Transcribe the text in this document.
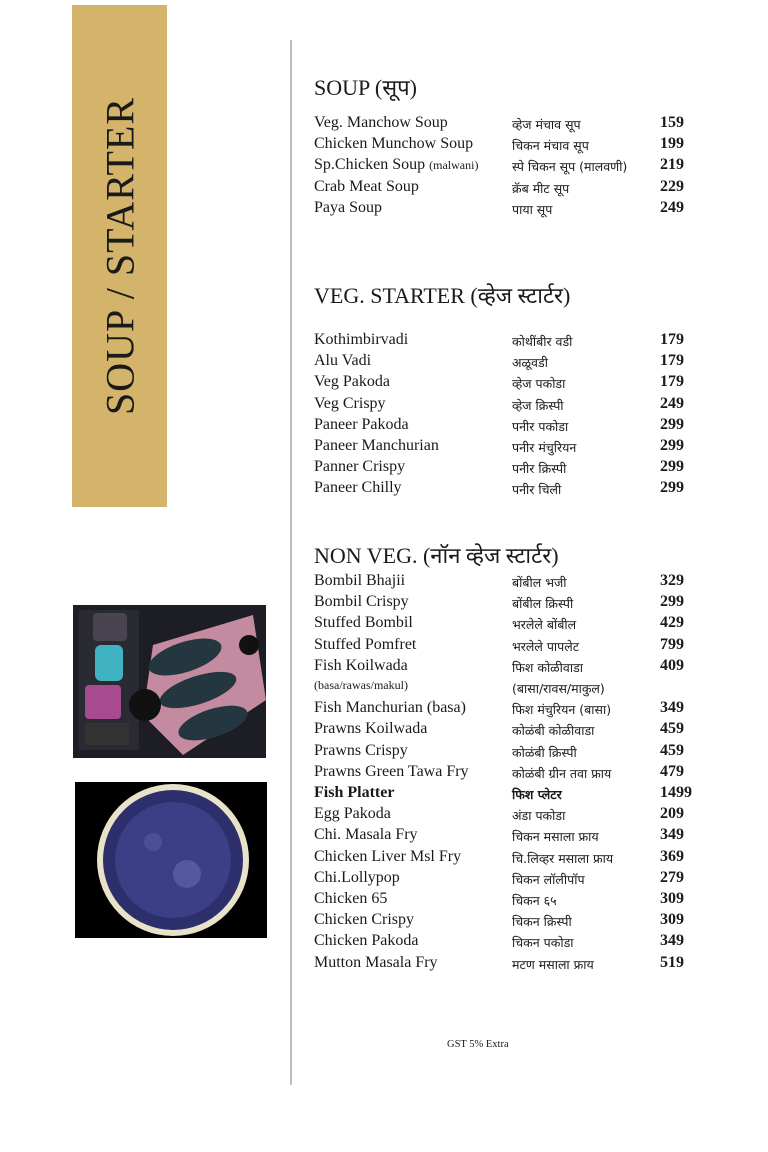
SOUP / STARTER
SOUP (सूप)
Veg. Manchow Soup	व्हेज मंचाव सूप	159
Chicken Munchow Soup	चिकन मंचाव सूप	199
Sp.Chicken Soup (malwani)	स्पे चिकन सूप (मालवणी) 219
Crab Meat Soup	क्रॅब मीट सूप	229
Paya Soup	पाया सूप	249
VEG. STARTER (व्हेज स्टार्टर)
Kothimbirvadi	कोथींबीर वडी	179
Alu Vadi	अळूवडी	179
Veg Pakoda	व्हेज पकोडा	179
Veg Crispy	व्हेज क्रिस्पी	249
Paneer Pakoda	पनीर पकोडा	299
Paneer Manchurian	पनीर मंचुरियन	299
Panner Crispy	पनीर क्रिस्पी	299
Paneer Chilly	पनीर चिली	299
NON VEG. (नॉन व्हेज स्टार्टर)
Bombil Bhajii	बोंबील भजी	329
Bombil Crispy	बोंबील क्रिस्पी	299
Stuffed Bombil	भरलेले बोंबील	429
Stuffed Pomfret	भरलेले पापलेट	799
Fish Koilwada	फिश कोळीवाडा	409
(basa/rawas/makul)	(बासा/रावस/माकुल)
Fish Manchurian (basa)	फिश मंचुरियन (बासा)	349
Prawns Koilwada	कोळंबी कोळीवाडा	459
Prawns Crispy	कोळंबी क्रिस्पी	459
Prawns Green Tawa Fry	कोळंबी ग्रीन तवा फ्राय	479
Fish Platter	फिश प्लेटर	1499
Egg Pakoda	अंडा पकोडा	209
Chi. Masala Fry	चिकन मसाला फ्राय	349
Chicken Liver Msl Fry	चि.लिव्हर मसाला फ्राय	369
Chi.Lollypop	चिकन लॉलीपॉप	279
Chicken 65	चिकन ६५	309
Chicken Crispy	चिकन क्रिस्पी	309
Chicken Pakoda	चिकन पकोडा	349
Mutton Masala Fry	मटण मसाला फ्राय	519
GST 5% Extra
